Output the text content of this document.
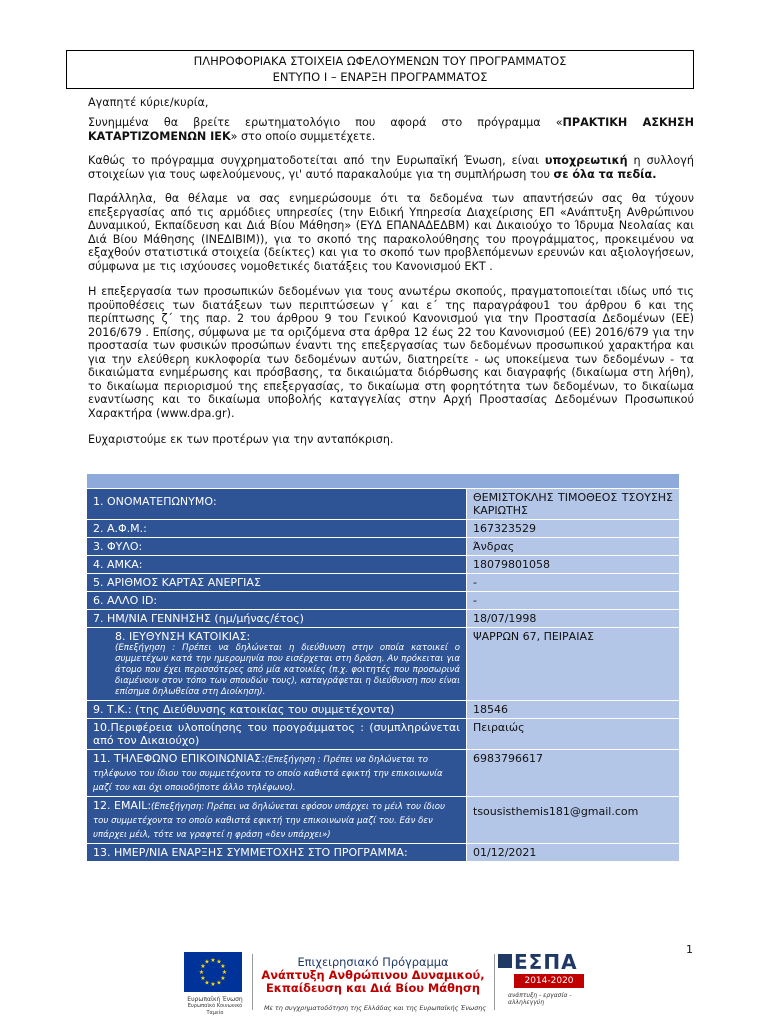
ΠΛΗΡΟΦΟΡΙΑΚΑ ΣΤΟΙΧΕΙΑ ΩΦΕΛΟΥΜΕΝΩΝ ΤΟΥ ΠΡΟΓΡΑΜΜΑΤΟΣ
ΕΝΤΥΠΟ Ι – ΕΝΑΡΞΗ ΠΡΟΓΡΑΜΜΑΤΟΣ
Αγαπητέ κύριε/κυρία,
Συνημμένα θα βρείτε ερωτηματολόγιο που αφορά στο πρόγραμμα «ΠΡΑΚΤΙΚΗ ΑΣΚΗΣΗ ΚΑΤΑΡΤΙΖΟΜΕΝΩΝ ΙΕΚ» στο οποίο συμμετέχετε.
Καθώς το πρόγραμμα συγχρηματοδοτείται από την Ευρωπαϊκή Ένωση, είναι υποχρεωτική η συλλογή στοιχείων για τους ωφελούμενους, γι' αυτό παρακαλούμε για τη συμπλήρωση του σε όλα τα πεδία.
Παράλληλα, θα θέλαμε να σας ενημερώσουμε ότι τα δεδομένα των απαντήσεών σας θα τύχουν επεξεργασίας από τις αρμόδιες υπηρεσίες (την Ειδική Υπηρεσία Διαχείρισης ΕΠ «Ανάπτυξη Ανθρώπινου Δυναμικού, Εκπαίδευση και Διά Βίου Μάθηση» (ΕΥΔ ΕΠΑΝΑΔΕΔΒΜ) και Δικαιούχο το Ίδρυμα Νεολαίας και Διά Βίου Μάθησης (ΙΝΕΔΙΒΙΜ)), για το σκοπό της παρακολούθησης του προγράμματος, προκειμένου να εξαχθούν στατιστικά στοιχεία (δείκτες) και για το σκοπό των προβλεπόμενων ερευνών και αξιολογήσεων, σύμφωνα με τις ισχύουσες νομοθετικές διατάξεις του Κανονισμού ΕΚΤ .
Η επεξεργασία των προσωπικών δεδομένων για τους ανωτέρω σκοπούς, πραγματοποιείται ιδίως υπό τις προϋποθέσεις των διατάξεων των περιπτώσεων γ΄ και ε΄ της παραγράφου1 του άρθρου 6 και της περίπτωσης ζ΄ της παρ. 2 του άρθρου 9 του Γενικού Κανονισμού για την Προστασία Δεδομένων (ΕΕ) 2016/679 . Επίσης, σύμφωνα με τα οριζόμενα στα άρθρα 12 έως 22 του Κανονισμού (ΕΕ) 2016/679 για την προστασία των φυσικών προσώπων έναντι της επεξεργασίας των δεδομένων προσωπικού χαρακτήρα και για την ελεύθερη κυκλοφορία των δεδομένων αυτών, διατηρείτε - ως υποκείμενα των δεδομένων - τα δικαιώματα ενημέρωσης και πρόσβασης, τα δικαιώματα διόρθωσης και διαγραφής (δικαίωμα στη λήθη), το δικαίωμα περιορισμού της επεξεργασίας, το δικαίωμα στη φορητότητα των δεδομένων, το δικαίωμα εναντίωσης και το δικαίωμα υποβολής καταγγελίας στην Αρχή Προστασίας Δεδομένων Προσωπικού Χαρακτήρα (www.dpa.gr).
Ευχαριστούμε εκ των προτέρων για την ανταπόκριση.

1. ΟΝΟΜΑΤΕΠΩΝΥΜΟ:	ΘΕΜΙΣΤΟΚΛΗΣ ΤΙΜΟΘΕΟΣ ΤΣΟΥΣΗΣ ΚΑΡΙΩΤΗΣ
2. Α.Φ.Μ.:	167323529
3. ΦΥΛΟ:	Άνδρας
4. ΑΜΚΑ:	18079801058
5. ΑΡΙΘΜΟΣ ΚΑΡΤΑΣ ΑΝΕΡΓΙΑΣ	-
6. ΑΛΛΟ ID:	-
7. ΗΜ/ΝΙΑ ΓΕΝΝΗΣΗΣ (ημ/μήνας/έτος)	18/07/1998

8. ΙΕΥΘΥΝΣΗ ΚΑΤΟΙΚΙΑΣ:
(Επεξήγηση : Πρέπει να δηλώνεται η διεύθυνση στην οποία κατοικεί ο συμμετέχων κατά την ημερομηνία που εισέρχεται στη δράση. Αν πρόκειται για άτομο που έχει περισσότερες από μία κατοικίες (π.χ. φοιτητές που προσωρινά διαμένουν στον τόπο των σπουδών τους), καταγράφεται η διεύθυνση που είναι επίσημα δηλωθείσα στη Διοίκηση).	ΨΑΡΡΩΝ 67, ΠΕΙΡΑΙΑΣ
9. Τ.Κ.: (της Διεύθυνσης κατοικίας του συμμετέχοντα)	18546
10.Περιφέρεια υλοποίησης του προγράμματος : (συμπληρώνεται από τον Δικαιούχο)	Πειραιώς
11. ΤΗΛΕΦΩΝΟ ΕΠΙΚΟΙΝΩΝΙΑΣ:(Επεξήγηση : Πρέπει να δηλώνεται το τηλέφωνο του ίδιου του συμμετέχοντα το οποίο καθιστά εφικτή την επικοινωνία μαζί του και όχι οποιοδήποτε άλλο τηλέφωνο).	6983796617
12. EMAIL:(Επεξήγηση: Πρέπει να δηλώνεται εφόσον υπάρχει το μέιλ του ίδιου του συμμετέχοντα το οποίο καθιστά εφικτή την επικοινωνία μαζί του. Εάν δεν υπάρχει μέιλ, τότε να γραφτεί η φράση «δεν υπάρχει»)	tsousisthemis181@gmail.com
13. ΗΜΕΡ/ΝΙΑ ΕΝΑΡΞΗΣ ΣΥΜΜΕΤΟΧΗΣ ΣΤΟ ΠΡΟΓΡΑΜΜΑ:	01/12/2021
1
★ ★
★
★
★
★
★
★
★
★
★
★
Ευρωπαϊκή Ένωση
Ευρωπαϊκό Κοινωνικό Ταμείο
Επιχειρησιακό Πρόγραμμα
Ανάπτυξη Ανθρώπινου Δυναμικού,
Εκπαίδευση και Διά Βίου Μάθηση
Με τη συγχρηματοδότηση της Ελλάδας και της Ευρωπαϊκής Ένωσης
ΕΣΠΑ
2014-2020
ανάπτυξη - εργασία - αλληλεγγύη
